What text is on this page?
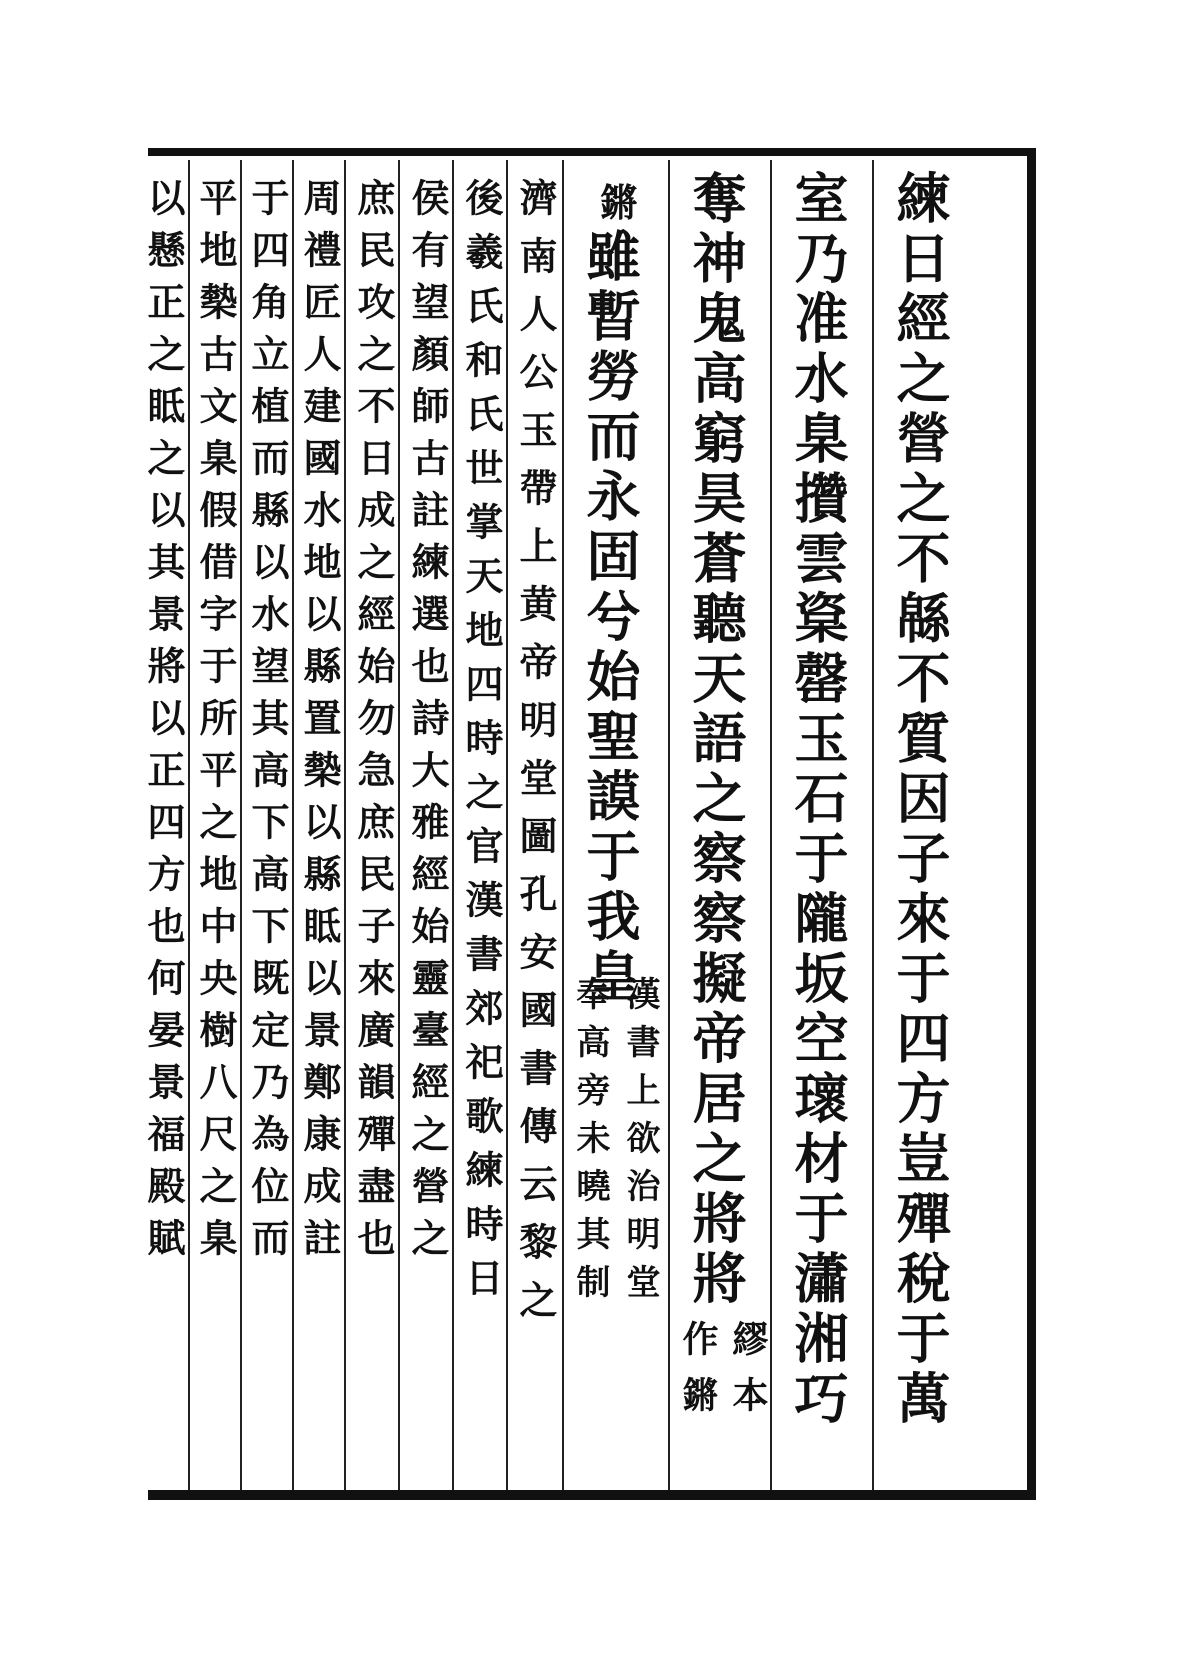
練日經之營之不緜不質因子來于四方豈殫稅于萬
室乃准水臬攢雲楶罄玉石于隴坂空瓌材于瀟湘巧
奪神鬼高窮昊蒼聽天語之察察擬帝居之將將
繆本
作鏘
鏘
雖暫勞而永固兮始聖謨于我皇
漢書上欲治明堂
奉高旁未曉其制
濟南人公玉帶上黄帝明堂圖孔安國書傳云黎之
後羲氏和氏世掌天地四時之官漢書郊祀歌練時日
侯有望顏師古註練選也詩大雅經始靈臺經之營之
庶民攻之不日成之經始勿急庶民子來廣韻殫盡也
周禮匠人建國水地以縣置槷以縣眡以景鄭康成註
于四角立植而縣以水望其高下高下既定乃為位而
平地槷古文臬假借字于所平之地中央樹八尺之臬
以懸正之眡之以其景將以正四方也何晏景福殿賦
